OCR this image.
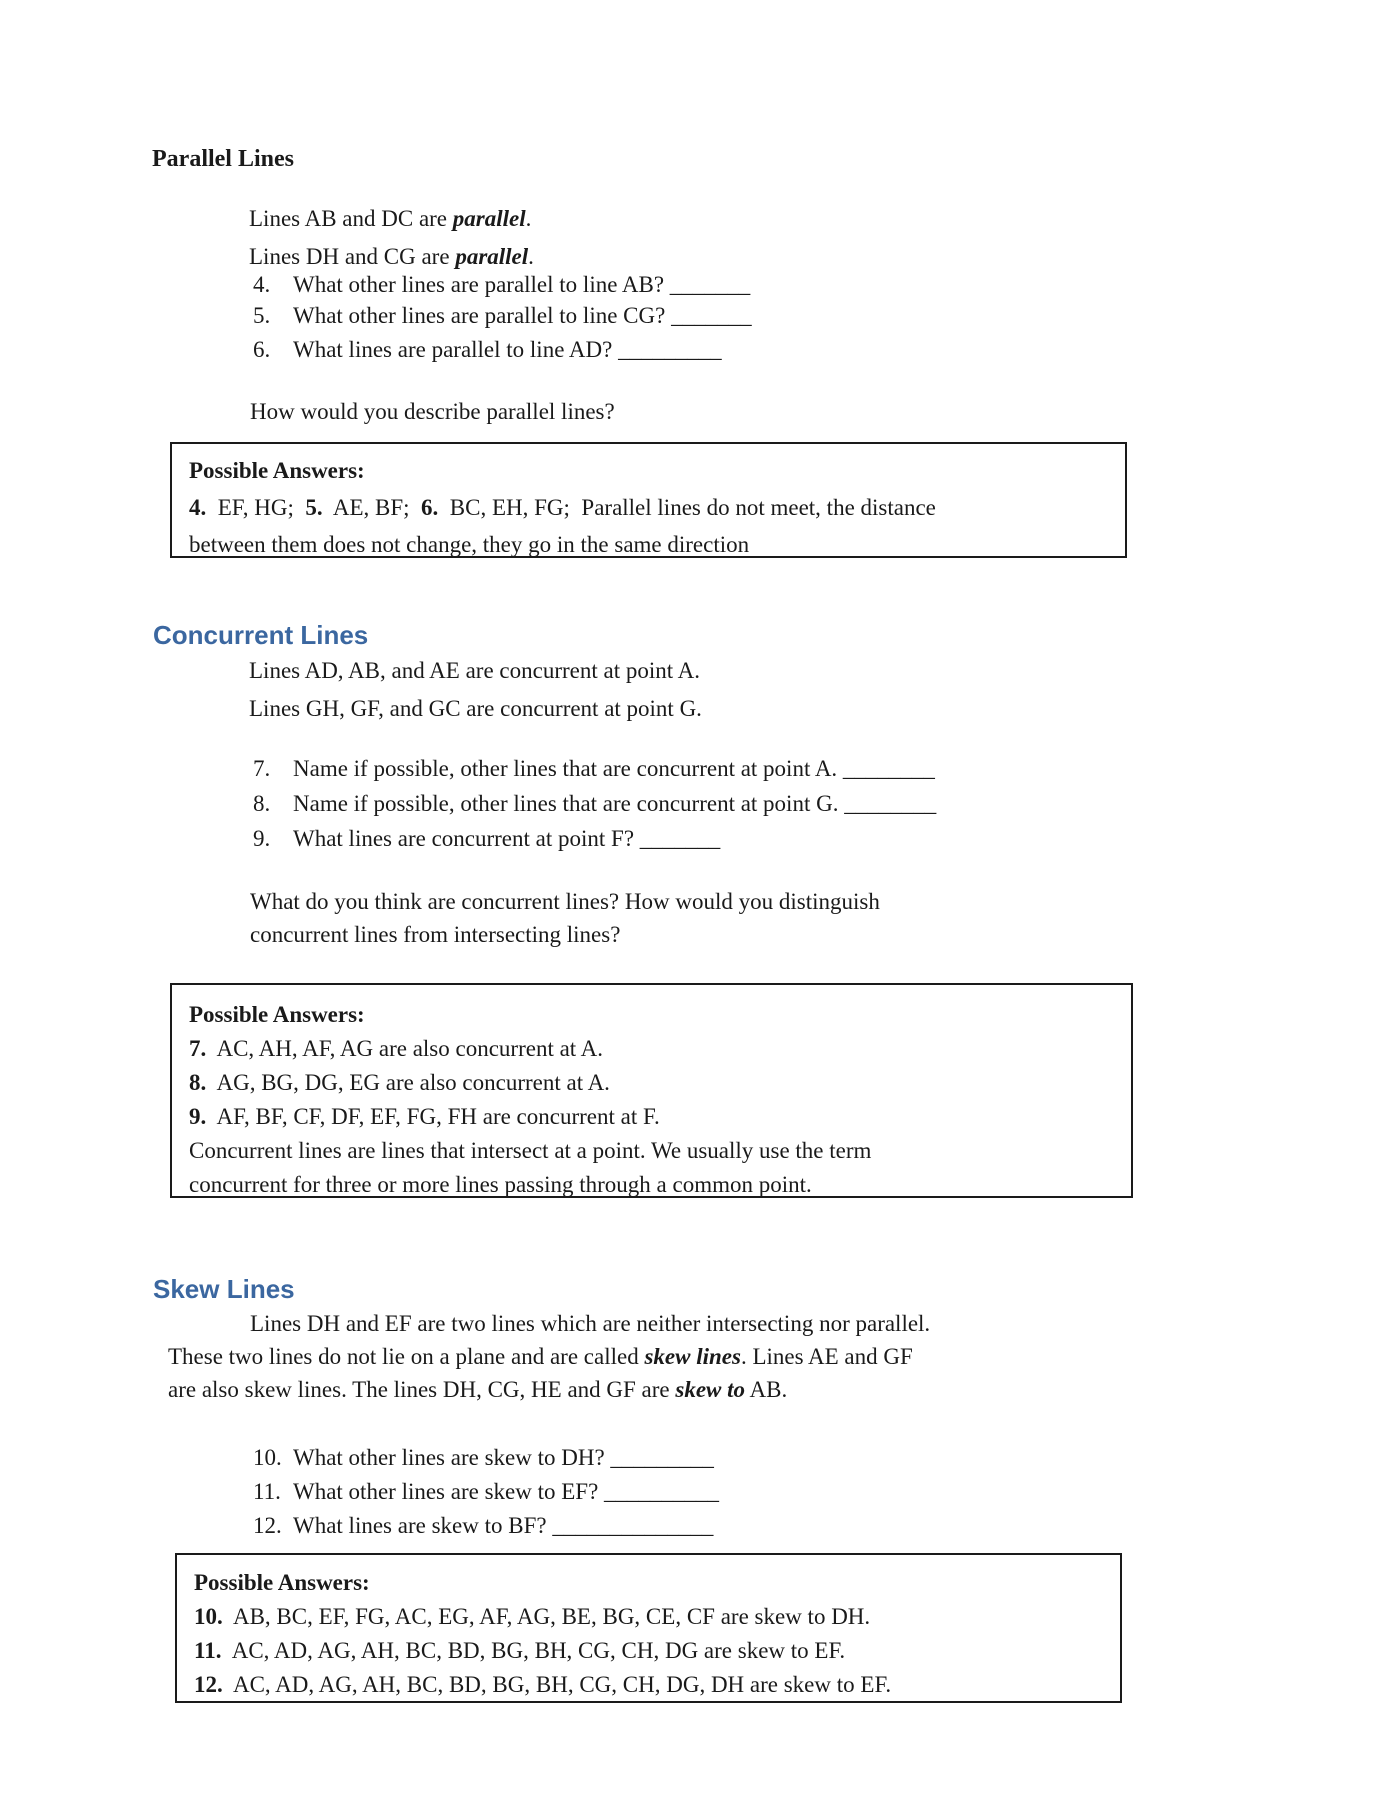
Parallel Lines
Lines AB and DC are parallel.
Lines DH and CG are parallel.
4. What other lines are parallel to line AB? _______
5. What other lines are parallel to line CG? _______
6. What lines are parallel to line AD? _________
How would you describe parallel lines?
Possible Answers:
4.  EF, HG;  5.  AE, BF;  6.  BC, EH, FG;  Parallel lines do not meet, the distance
between them does not change, they go in the same direction
Concurrent Lines
Lines AD, AB, and AE are concurrent at point A.
Lines GH, GF, and GC are concurrent at point G.
7. Name if possible, other lines that are concurrent at point A. ________
8. Name if possible, other lines that are concurrent at point G. ________
9. What lines are concurrent at point F? _______
What do you think are concurrent lines? How would you distinguish
concurrent lines from intersecting lines?
Possible Answers:
7.  AC, AH, AF, AG are also concurrent at A.
8.  AG, BG, DG, EG are also concurrent at A.
9.  AF, BF, CF, DF, EF, FG, FH are concurrent at F.
Concurrent lines are lines that intersect at a point. We usually use the term
concurrent for three or more lines passing through a common point.
Skew Lines
Lines DH and EF are two lines which are neither intersecting nor parallel.
These two lines do not lie on a plane and are called skew lines. Lines AE and GF
are also skew lines. The lines DH, CG, HE and GF are skew to AB.
10. What other lines are skew to DH? _________
11. What other lines are skew to EF? __________
12. What lines are skew to BF? ______________
Possible Answers:
10.  AB, BC, EF, FG, AC, EG, AF, AG, BE, BG, CE, CF are skew to DH.
11.  AC, AD, AG, AH, BC, BD, BG, BH, CG, CH, DG are skew to EF.
12.  AC, AD, AG, AH, BC, BD, BG, BH, CG, CH, DG, DH are skew to EF.
